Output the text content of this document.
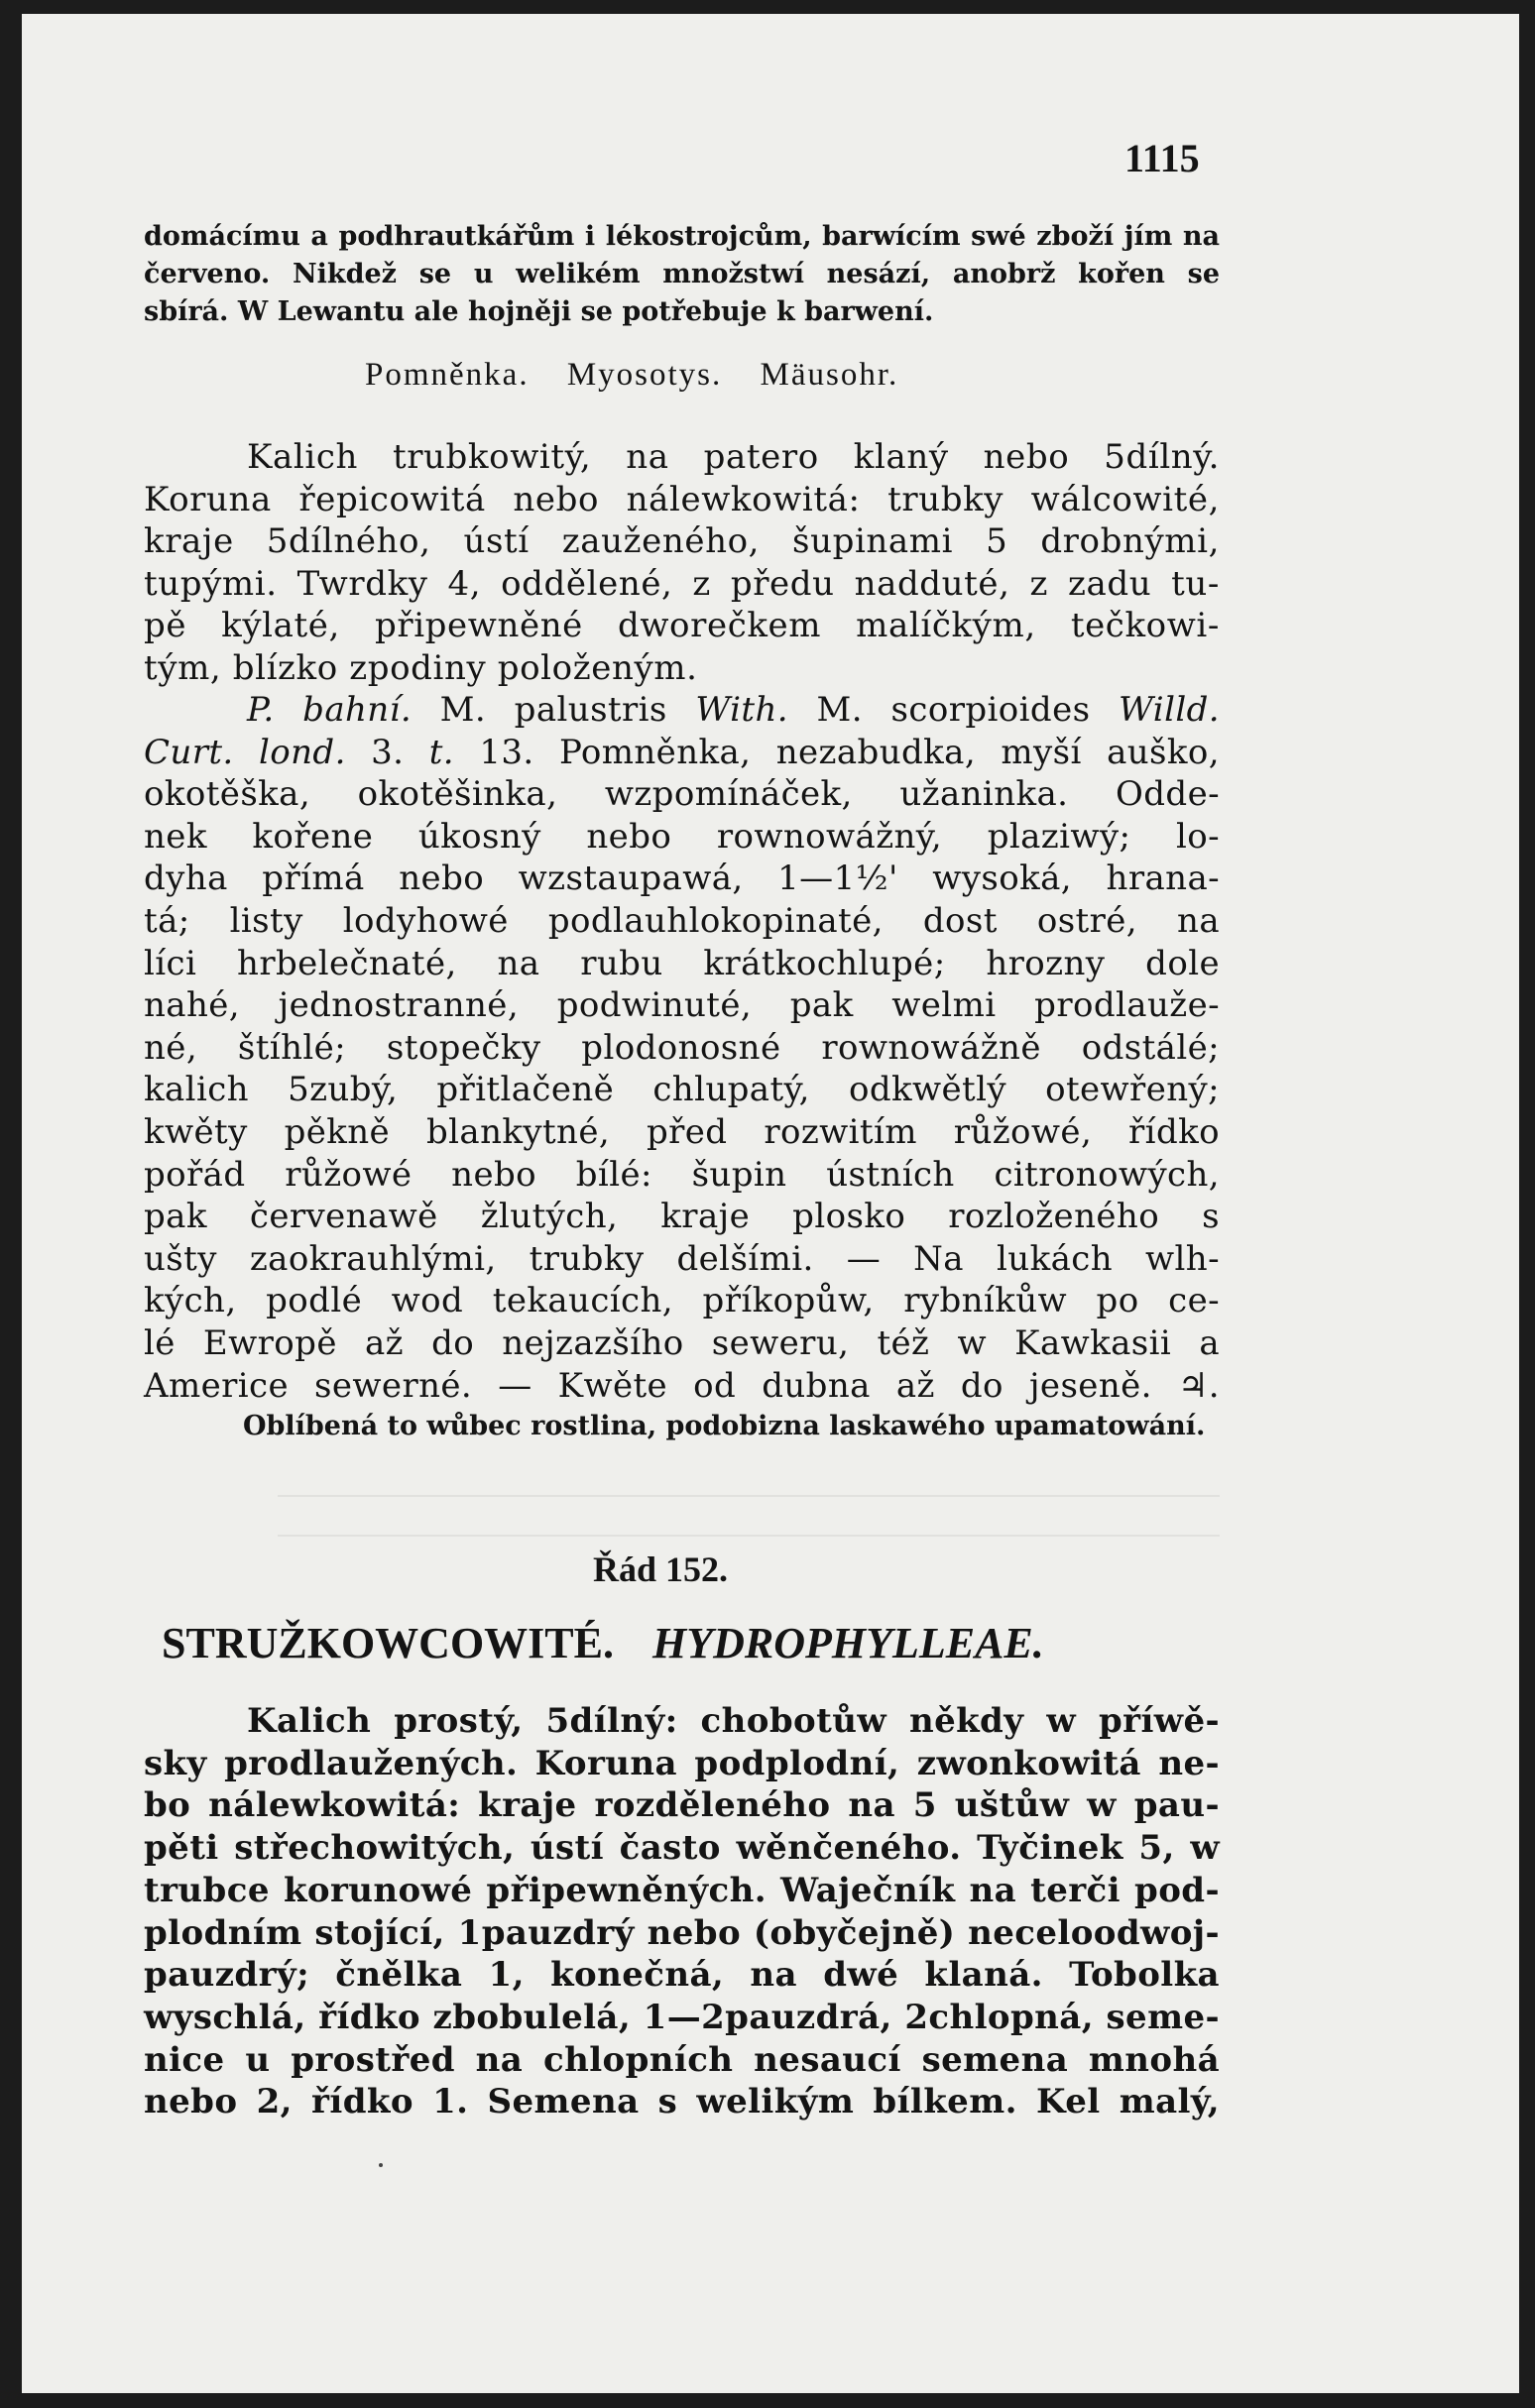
1115
domácímu a podhrautkářům i lékostrojcům, barwícím swé zboží jím na
červeno. Nikdež se u welikém množstwí nesází, anobrž kořen se
sbírá. W Lewantu ale hojněji se potřebuje k barwení.
Pomněnka. Myosotys. Mäusohr.
Kalich trubkowitý, na patero klaný nebo 5dílný.
Koruna řepicowitá nebo nálewkowitá: trubky wálcowité,
kraje 5dílného, ústí zauženého, šupinami 5 drobnými,
tupými. Twrdky 4, oddělené, z předu nadduté, z zadu tu-
pě kýlaté, připewněné dworečkem malíčkým, tečkowi-
tým, blízko zpodiny položeným.
P. bahní. M. palustris With. M. scorpioides Willd.
Curt. lond. 3. t. 13. Pomněnka, nezabudka, myší auško,
okotěška, okotěšinka, wzpomínáček, užaninka. Odde-
nek kořene úkosný nebo rownowážný, plaziwý; lo-
dyha přímá nebo wzstaupawá, 1—1½' wysoká, hrana-
tá; listy lodyhowé podlauhlokopinaté, dost ostré, na
líci hrbelečnaté, na rubu krátkochlupé; hrozny dole
nahé, jednostranné, podwinuté, pak welmi prodlauže-
né, štíhlé; stopečky plodonosné rownowážně odstálé;
kalich 5zubý, přitlačeně chlupatý, odkwětlý otewřený;
kwěty pěkně blankytné, před rozwitím růžowé, řídko
pořád růžowé nebo bílé: šupin ústních citronowých,
pak červenawě žlutých, kraje plosko rozloženého s
ušty zaokrauhlými, trubky delšími. — Na lukách wlh-
kých, podlé wod tekaucích, příkopůw, rybníkůw po ce-
lé Ewropě až do nejzazšího seweru, též w Kawkasii a
Americe sewerné. — Kwěte od dubna až do jeseně. ♃.
Oblíbená to wůbec rostlina, podobizna laskawého upamatowání.
Řád 152.
STRUŽKOWCOWITÉ. HYDROPHYLLEAE.
Kalich prostý, 5dílný: chobotůw někdy w příwě-
sky prodlaužených. Koruna podplodní, zwonkowitá ne-
bo nálewkowitá: kraje rozděleného na 5 uštůw w pau-
pěti střechowitých, ústí často wěnčeného. Tyčinek 5, w
trubce korunowé připewněných. Waječník na terči pod-
plodním stojící, 1pauzdrý nebo (obyčejně) neceloodwoj-
pauzdrý; čnělka 1, konečná, na dwé klaná. Tobolka
wyschlá, řídko zbobulelá, 1—2pauzdrá, 2chlopná, seme-
nice u prostřed na chlopních nesaucí semena mnohá
nebo 2, řídko 1. Semena s welikým bílkem. Kel malý,
